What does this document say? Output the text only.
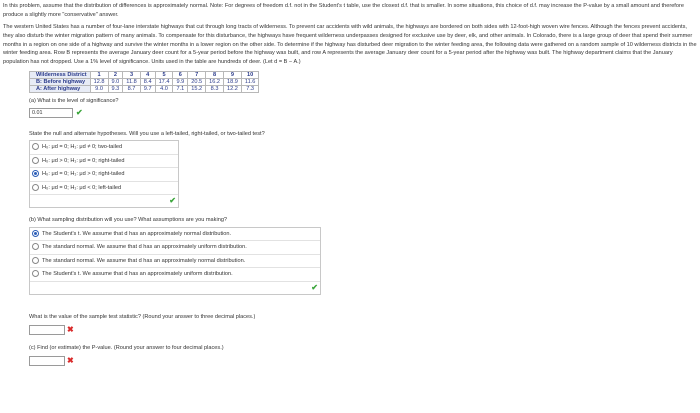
In this problem, assume that the distribution of differences is approximately normal. Note: For degrees of freedom d.f. not in the Student's t table, use the closest d.f. that is smaller. In some situations, this choice of d.f. may increase the P-value by a small amount and therefore produce a slightly more "conservative" answer.

The western United States has a number of four-lane interstate highways that cut through long tracts of wilderness. To prevent car accidents with wild animals, the highways are bordered on both sides with 12-foot-high woven wire fences. Although the fences prevent accidents, they also disturb the winter migration pattern of many animals. To compensate for this disturbance, the highways have frequent wilderness underpasses designed for exclusive use by deer, elk, and other animals. In Colorado, there is a large group of deer that spend their summer months in a region on one side of a highway and survive the winter months in a lower region on the other side. To determine if the highway has disturbed deer migration to the winter feeding area, the following data were gathered on a random sample of 10 wilderness districts in the winter feeding area. Row B represents the average January deer count for a 5-year period before the highway was built, and row A represents the average January deer count for a 5-year period after the highway was built. The highway department claims that the January population has not dropped. Use a 1% level of significance. Units used in the table are hundreds of deer. (Let d = B − A.)

Wilderness District	1	2	3	4	5	6	7	8	9	10
B: Before highway	12.8	9.0	11.8	8.4	17.4	9.9	20.5	16.2	18.9	11.6
A: After highway	9.0	9.3	8.7	9.7	4.0	7.1	15.2	8.3	12.2	7.3
(a) What is the level of significance?
0.01	✔
State the null and alternate hypotheses. Will you use a left-tailed, right-tailed, or two-tailed test?
H₀: μd = 0; H₁: μd ≠ 0; two-tailed
H₀: μd > 0; H₁: μd = 0; right-tailed
H₀: μd = 0; H₁: μd > 0; right-tailed
H₀: μd = 0; H₁: μd < 0; left-tailed
✔
(b) What sampling distribution will you use? What assumptions are you making?
The Student's t. We assume that d has an approximately normal distribution.
The standard normal. We assume that d has an approximately uniform distribution.
The standard normal. We assume that d has an approximately normal distribution.
The Student's t. We assume that d has an approximately uniform distribution.
✔
What is the value of the sample test statistic? (Round your answer to three decimal places.)
✖
(c) Find (or estimate) the P-value. (Round your answer to four decimal places.)
✖
